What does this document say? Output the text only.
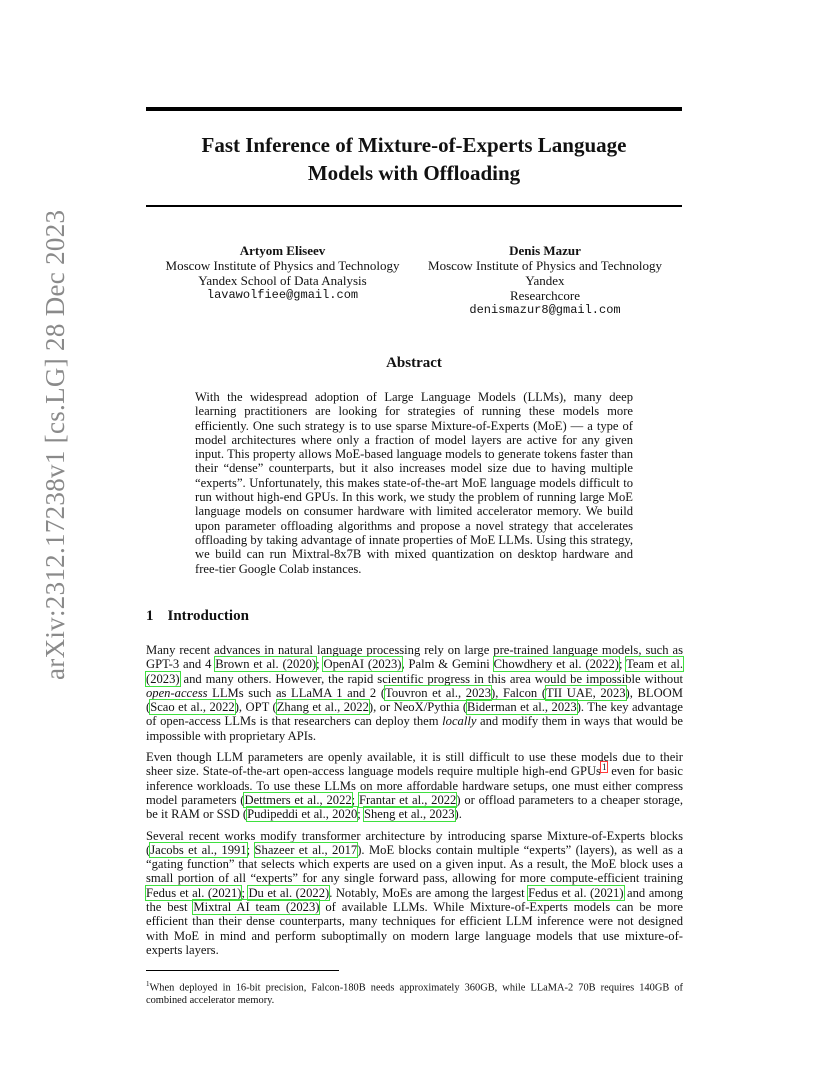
arXiv:2312.17238v1 [cs.LG] 28 Dec 2023
Fast Inference of Mixture-of-Experts Language
Models with Offloading
Artyom Eliseev
Moscow Institute of Physics and Technology
Yandex School of Data Analysis
lavawolfiee@gmail.com
Denis Mazur
Moscow Institute of Physics and Technology
Yandex
Researchcore
denismazur8@gmail.com
Abstract
With the widespread adoption of Large Language Models (LLMs), many deep learning practitioners are looking for strategies of running these models more efficiently. One such strategy is to use sparse Mixture-of-Experts (MoE) — a type of model architectures where only a fraction of model layers are active for any given input. This property allows MoE-based language models to generate tokens faster than their “dense” counterparts, but it also increases model size due to having multiple “experts”. Unfortunately, this makes state-of-the-art MoE language models difficult to run without high-end GPUs. In this work, we study the problem of running large MoE language models on consumer hardware with limited accelerator memory. We build upon parameter offloading algorithms and propose a novel strategy that accelerates offloading by taking advantage of innate properties of MoE LLMs. Using this strategy, we build can run Mixtral-8x7B with mixed quantization on desktop hardware and free-tier Google Colab instances.
1 Introduction

Many recent advances in natural language processing rely on large pre-trained language models, such as GPT-3 and 4 Brown et al. (2020); OpenAI (2023), Palm & Gemini Chowdhery et al. (2022); Team et al. (2023) and many others. However, the rapid scientific progress in this area would be impossible without open-access LLMs such as LLaMA 1 and 2 (Touvron et al., 2023), Falcon (TII UAE, 2023), BLOOM (Scao et al., 2022), OPT (Zhang et al., 2022), or NeoX/Pythia (Biderman et al., 2023). The key advantage of open-access LLMs is that researchers can deploy them locally and modify them in ways that would be impossible with proprietary APIs.

Even though LLM parameters are openly available, it is still difficult to use these models due to their sheer size. State-of-the-art open-access language models require multiple high-end GPUs$^1$ even for basic inference workloads. To use these LLMs on more affordable hardware setups, one must either compress model parameters (Dettmers et al., 2022; Frantar et al., 2022) or offload parameters to a cheaper storage, be it RAM or SSD (Pudipeddi et al., 2020; Sheng et al., 2023).

Several recent works modify transformer architecture by introducing sparse Mixture-of-Experts blocks (Jacobs et al., 1991; Shazeer et al., 2017). MoE blocks contain multiple “experts” (layers), as well as a “gating function” that selects which experts are used on a given input. As a result, the MoE block uses a small portion of all “experts” for any single forward pass, allowing for more compute-efficient training Fedus et al. (2021); Du et al. (2022). Notably, MoEs are among the largest Fedus et al. (2021) and among the best Mixtral AI team (2023) of available LLMs. While Mixture-of-Experts models can be more efficient than their dense counterparts, many techniques for efficient LLM inference were not designed with MoE in mind and perform suboptimally on modern large language models that use mixture-of-experts layers.

$^1$When deployed in 16-bit precision, Falcon-180B needs approximately 360GB, while LLaMA-2 70B requires 140GB of combined accelerator memory.
